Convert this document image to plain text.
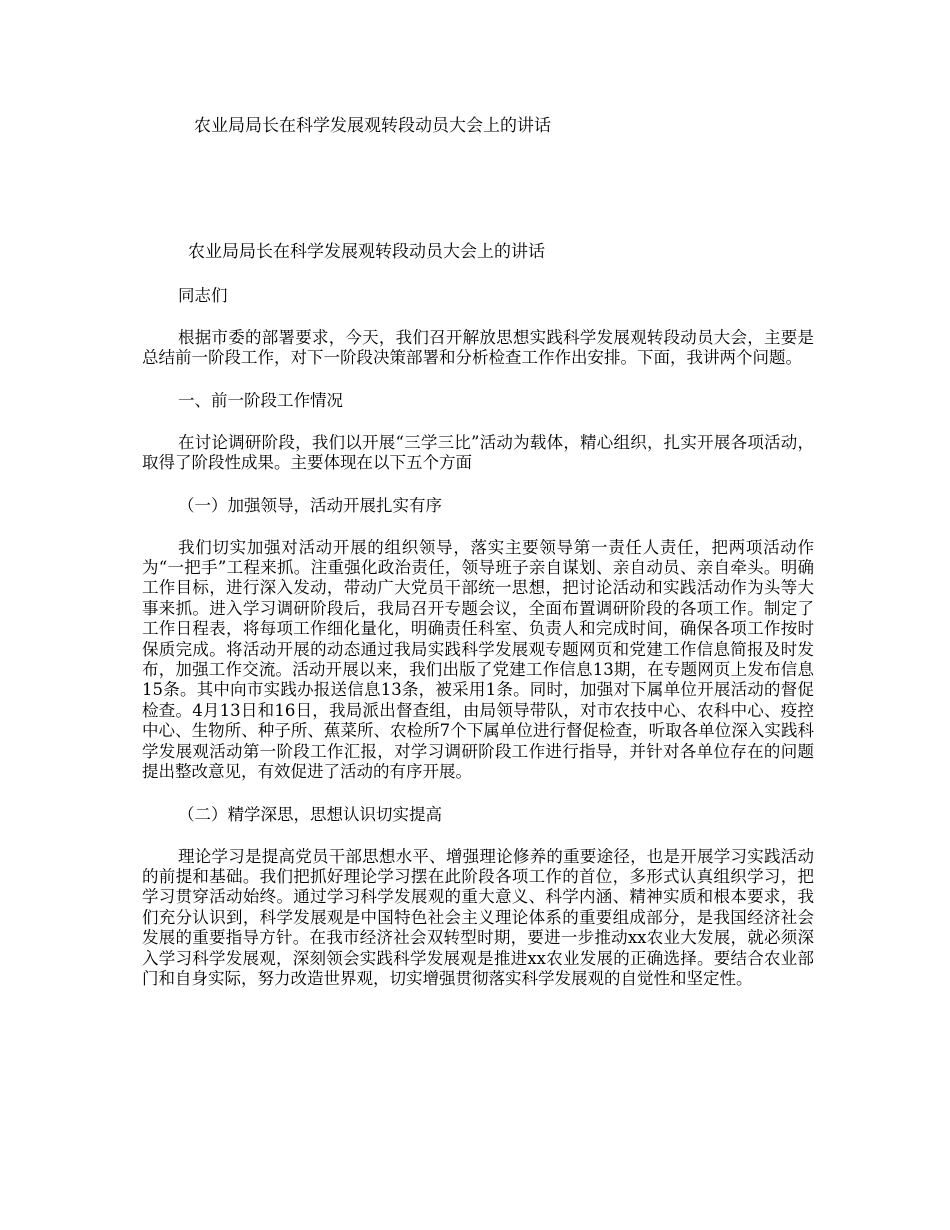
农业局局长在科学发展观转段动员大会上的讲话

农业局局长在科学发展观转段动员大会上的讲话

同志们

根据市委的部署要求，今天，我们召开解放思想实践科学发展观转段动员大会，主要是总结前一阶段工作，对下一阶段决策部署和分析检查工作作出安排。下面，我讲两个问题。

一、前一阶段工作情况

在讨论调研阶段，我们以开展“三学三比”活动为载体，精心组织，扎实开展各项活动，取得了阶段性成果。主要体现在以下五个方面

（一）加强领导，活动开展扎实有序

我们切实加强对活动开展的组织领导，落实主要领导第一责任人责任，把两项活动作为“一把手”工程来抓。注重强化政治责任，领导班子亲自谋划、亲自动员、亲自牵头。明确工作目标，进行深入发动，带动广大党员干部统一思想，把讨论活动和实践活动作为头等大事来抓。进入学习调研阶段后，我局召开专题会议，全面布置调研阶段的各项工作。制定了工作日程表，将每项工作细化量化，明确责任科室、负责人和完成时间，确保各项工作按时保质完成。将活动开展的动态通过我局实践科学发展观专题网页和党建工作信息简报及时发布，加强工作交流。活动开展以来，我们出版了党建工作信息13期，在专题网页上发布信息15条。其中向市实践办报送信息13条，被采用1条。同时，加强对下属单位开展活动的督促检查。4月13日和16日，我局派出督查组，由局领导带队，对市农技中心、农科中心、疫控中心、生物所、种子所、蕉菜所、农检所7个下属单位进行督促检查，听取各单位深入实践科学发展观活动第一阶段工作汇报，对学习调研阶段工作进行指导，并针对各单位存在的问题提出整改意见，有效促进了活动的有序开展。

（二）精学深思，思想认识切实提高

理论学习是提高党员干部思想水平、增强理论修养的重要途径，也是开展学习实践活动的前提和基础。我们把抓好理论学习摆在此阶段各项工作的首位，多形式认真组织学习，把学习贯穿活动始终。通过学习科学发展观的重大意义、科学内涵、精神实质和根本要求，我们充分认识到，科学发展观是中国特色社会主义理论体系的重要组成部分，是我国经济社会发展的重要指导方针。在我市经济社会双转型时期，要进一步推动xx农业大发展，就必须深入学习科学发展观，深刻领会实践科学发展观是推进xx农业发展的正确选择。要结合农业部门和自身实际，努力改造世界观，切实增强贯彻落实科学发展观的自觉性和坚定性。
